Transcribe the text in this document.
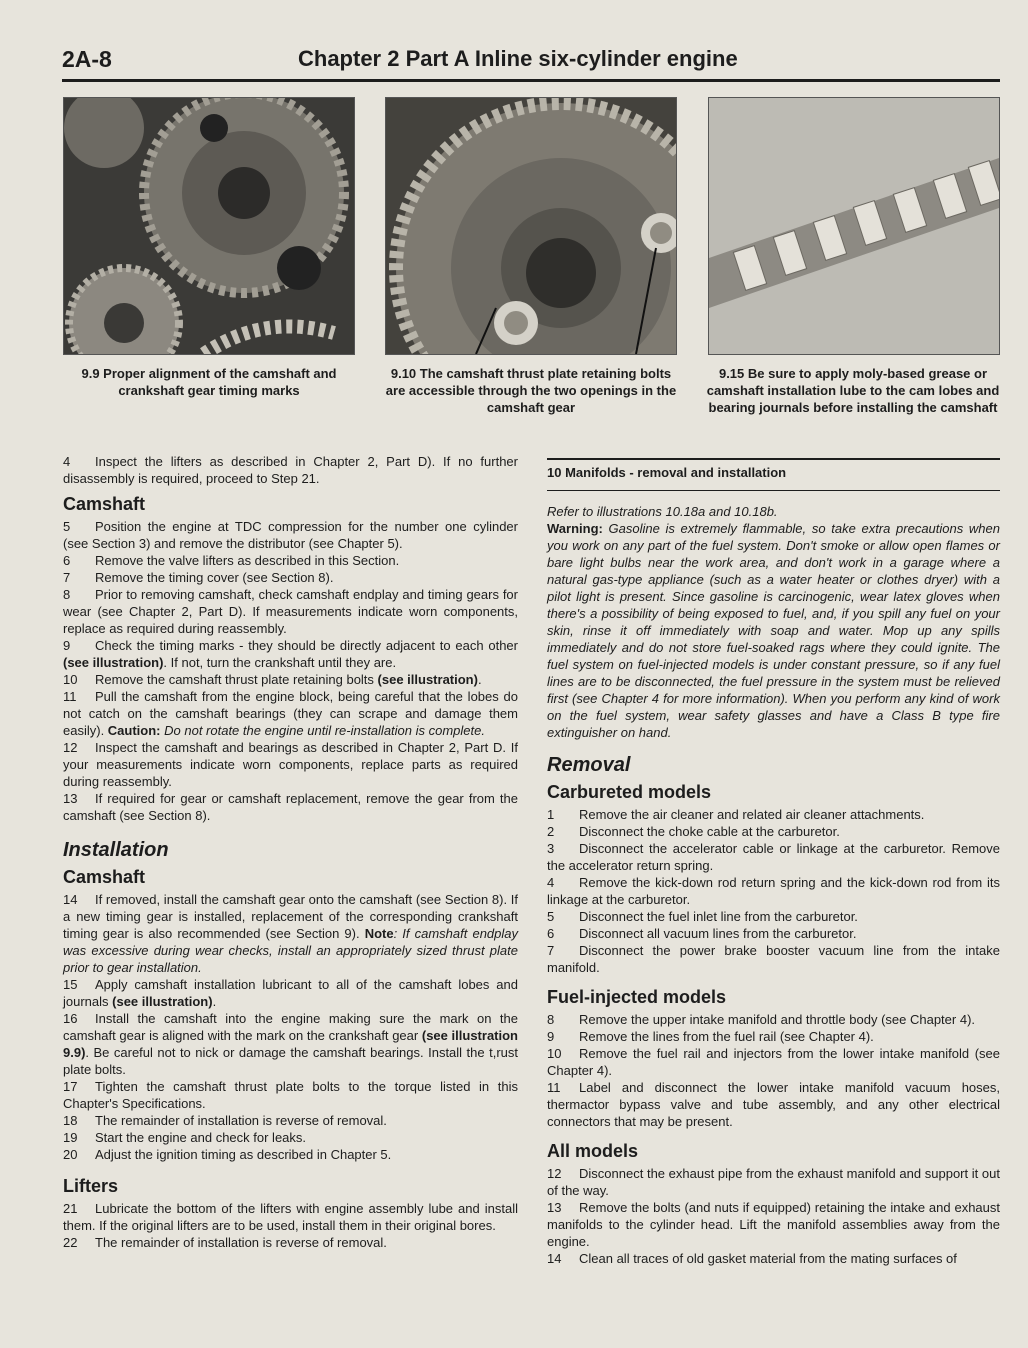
2A-8	Chapter 2 Part A Inline six-cylinder engine
9.9 Proper alignment of the camshaft and crankshaft gear timing marks
9.10 The camshaft thrust plate retaining bolts are accessible through the two openings in the camshaft gear
9.15 Be sure to apply moly-based grease or camshaft installation lube to the cam lobes and bearing journals before installing the camshaft

4 Inspect the lifters as described in Chapter 2, Part D). If no further disassembly is required, proceed to Step 21.

Camshaft

5 Position the engine at TDC compression for the number one cylinder (see Section 3) and remove the distributor (see Chapter 5).

6 Remove the valve lifters as described in this Section.

7 Remove the timing cover (see Section 8).

8 Prior to removing camshaft, check camshaft endplay and timing gears for wear (see Chapter 2, Part D). If measurements indicate worn components, replace as required during reassembly.

9 Check the timing marks - they should be directly adjacent to each other (see illustration). If not, turn the crankshaft until they are.

10 Remove the camshaft thrust plate retaining bolts (see illustration).

11 Pull the camshaft from the engine block, being careful that the lobes do not catch on the camshaft bearings (they can scrape and damage them easily). Caution: Do not rotate the engine until re-installation is complete.

12 Inspect the camshaft and bearings as described in Chapter 2, Part D. If your measurements indicate worn components, replace parts as required during reassembly.

13 If required for gear or camshaft replacement, remove the gear from the camshaft (see Section 8).

Installation
Camshaft

14 If removed, install the camshaft gear onto the camshaft (see Section 8). If a new timing gear is installed, replacement of the corresponding crankshaft timing gear is also recommended (see Section 9). Note: If camshaft endplay was excessive during wear checks, install an appropriately sized thrust plate prior to gear installation.

15 Apply camshaft installation lubricant to all of the camshaft lobes and journals (see illustration).

16 Install the camshaft into the engine making sure the mark on the camshaft gear is aligned with the mark on the crankshaft gear (see illustration 9.9). Be careful not to nick or damage the camshaft bearings. Install the t,rust plate bolts.

17 Tighten the camshaft thrust plate bolts to the torque listed in this Chapter's Specifications.

18 The remainder of installation is reverse of removal.

19 Start the engine and check for leaks.

20 Adjust the ignition timing as described in Chapter 5.

Lifters

21 Lubricate the bottom of the lifters with engine assembly lube and install them. If the original lifters are to be used, install them in their original bores.

22 The remainder of installation is reverse of removal.

10 Manifolds - removal and installation

Refer to illustrations 10.18a and 10.18b.

Warning: Gasoline is extremely flammable, so take extra precautions when you work on any part of the fuel system. Don't smoke or allow open flames or bare light bulbs near the work area, and don't work in a garage where a natural gas-type appliance (such as a water heater or clothes dryer) with a pilot light is present. Since gasoline is carcinogenic, wear latex gloves when there's a possibility of being exposed to fuel, and, if you spill any fuel on your skin, rinse it off immediately with soap and water. Mop up any spills immediately and do not store fuel-soaked rags where they could ignite. The fuel system on fuel-injected models is under constant pressure, so if any fuel lines are to be disconnected, the fuel pressure in the system must be relieved first (see Chapter 4 for more information). When you perform any kind of work on the fuel system, wear safety glasses and have a Class B type fire extinguisher on hand.

Removal
Carbureted models

1 Remove the air cleaner and related air cleaner attachments.

2 Disconnect the choke cable at the carburetor.

3 Disconnect the accelerator cable or linkage at the carburetor. Remove the accelerator return spring.

4 Remove the kick-down rod return spring and the kick-down rod from its linkage at the carburetor.

5 Disconnect the fuel inlet line from the carburetor.

6 Disconnect all vacuum lines from the carburetor.

7 Disconnect the power brake booster vacuum line from the intake manifold.

Fuel-injected models

8 Remove the upper intake manifold and throttle body (see Chapter 4).

9 Remove the lines from the fuel rail (see Chapter 4).

10 Remove the fuel rail and injectors from the lower intake manifold (see Chapter 4).

11 Label and disconnect the lower intake manifold vacuum hoses, thermactor bypass valve and tube assembly, and any other electrical connectors that may be present.

All models

12 Disconnect the exhaust pipe from the exhaust manifold and support it out of the way.

13 Remove the bolts (and nuts if equipped) retaining the intake and exhaust manifolds to the cylinder head. Lift the manifold assemblies away from the engine.

14 Clean all traces of old gasket material from the mating surfaces of
